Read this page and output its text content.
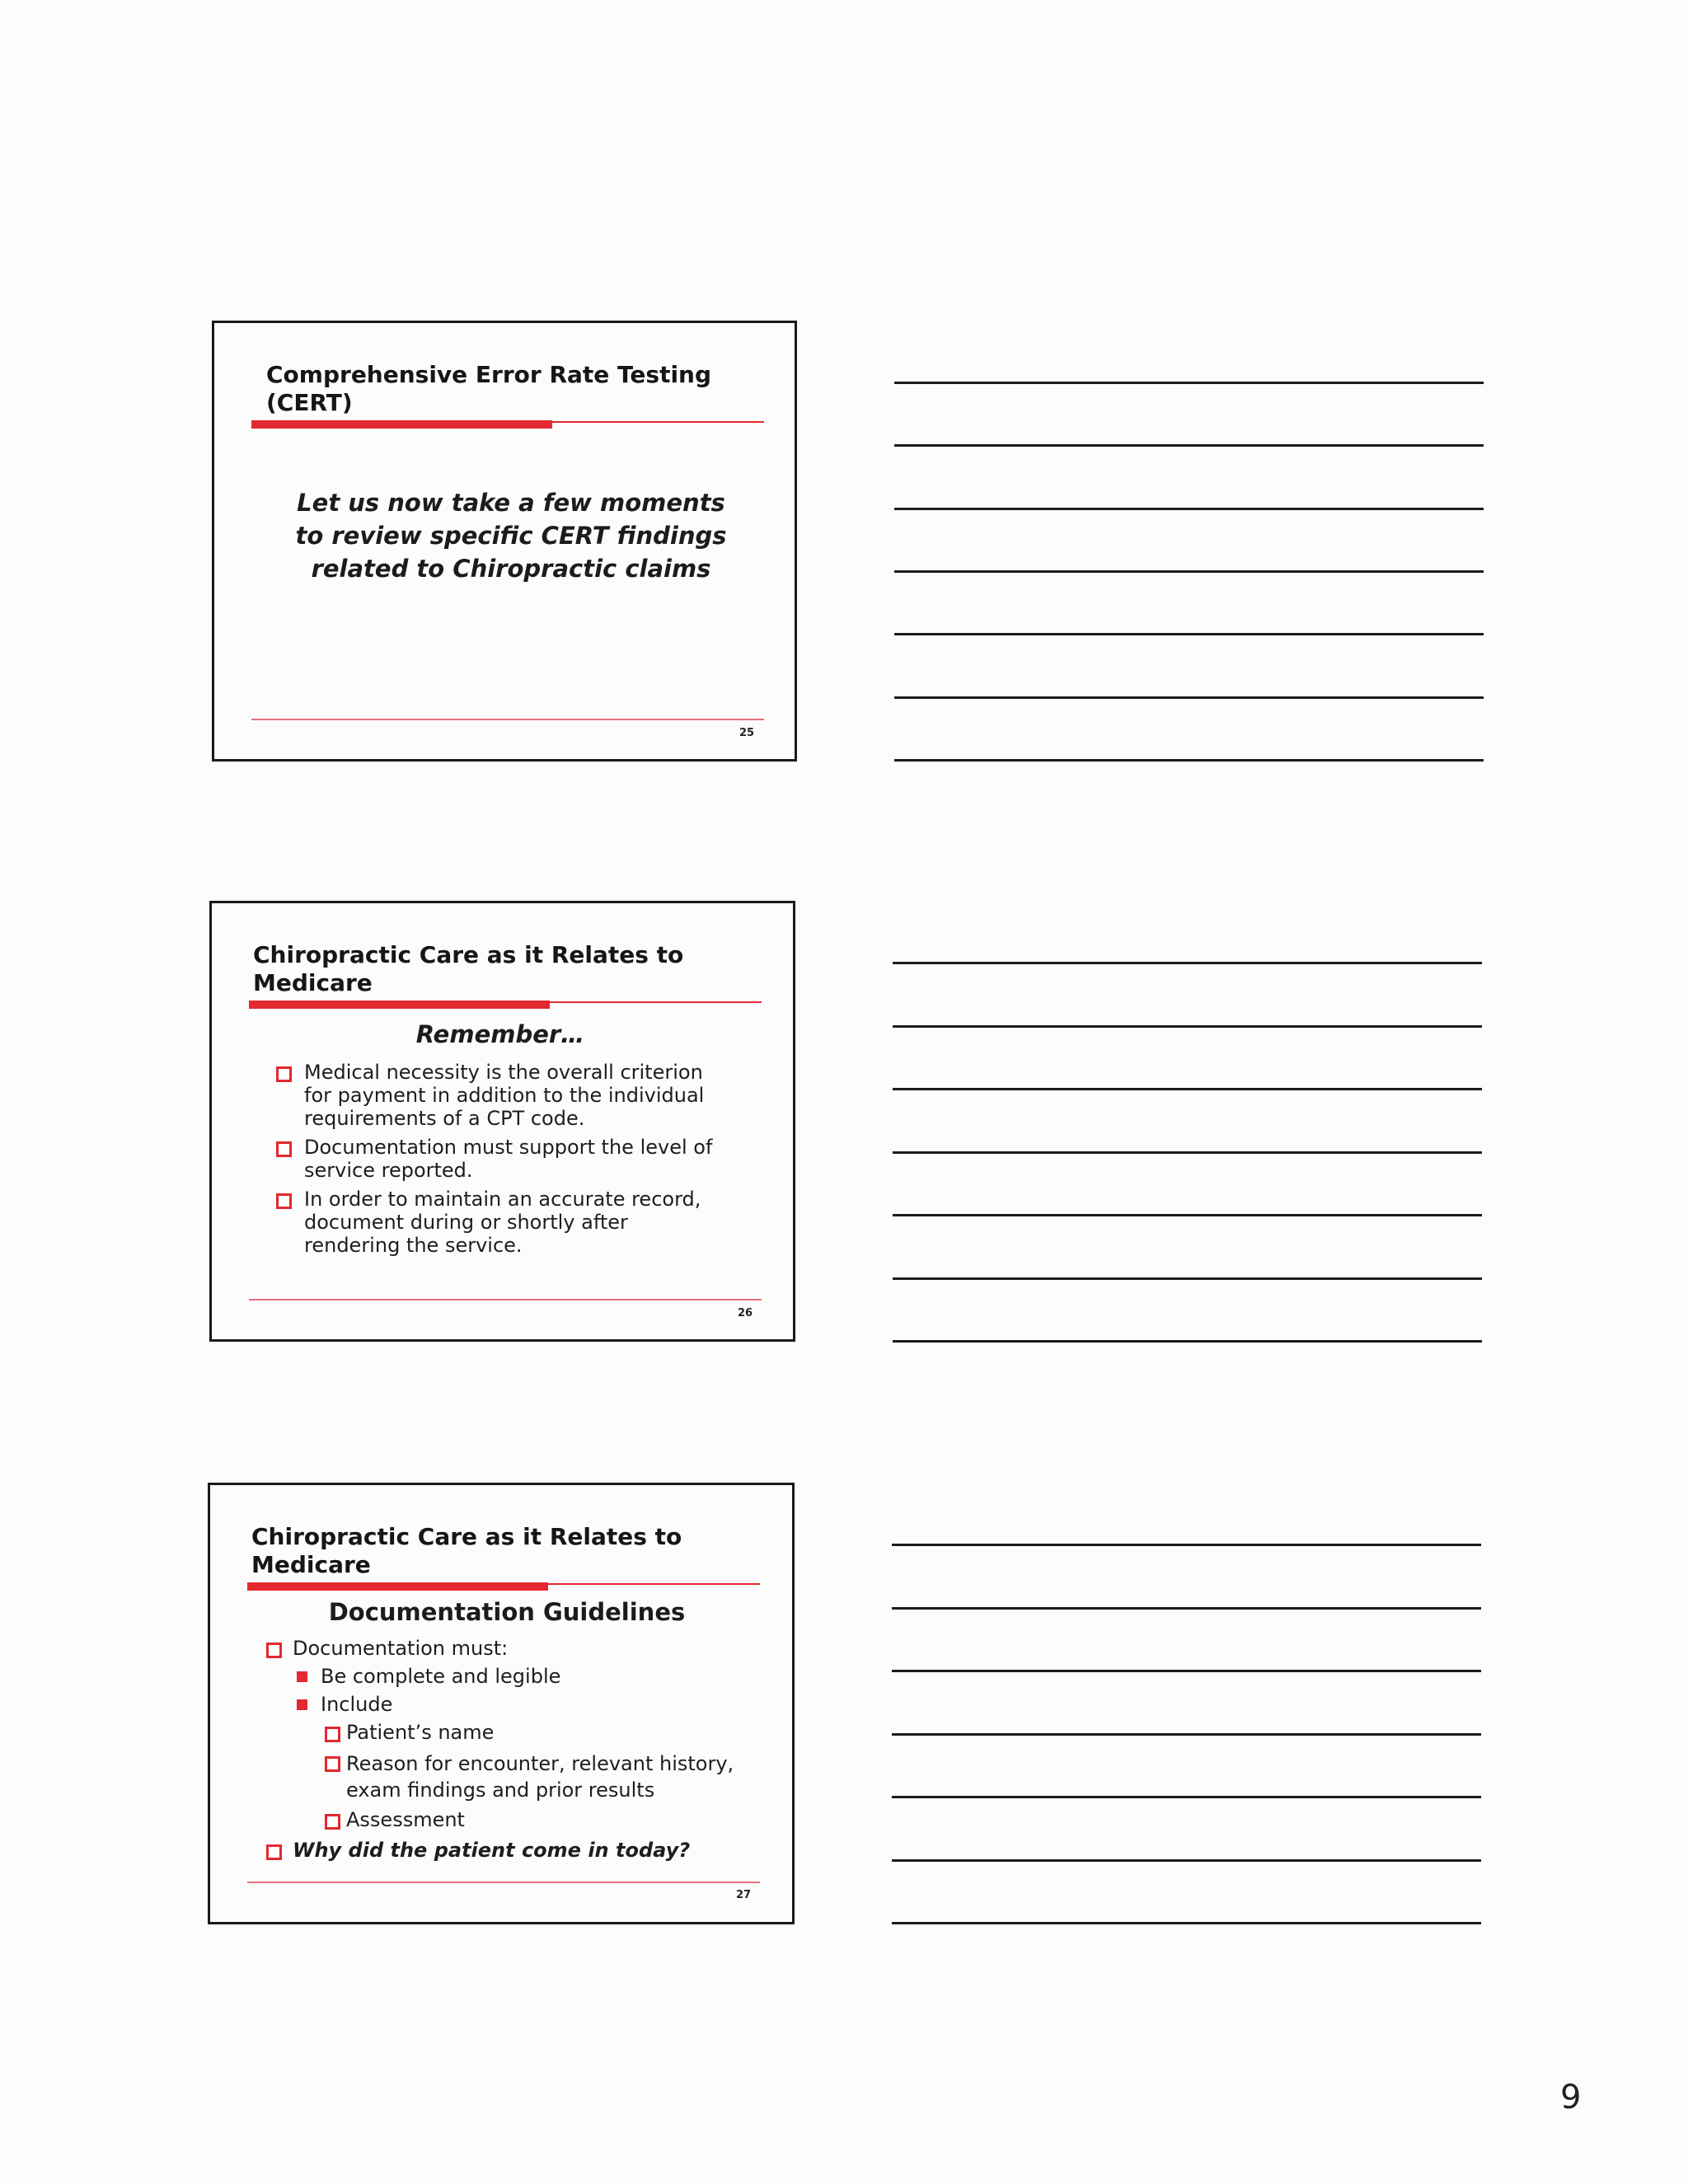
Comprehensive Error Rate Testing
(CERT)
Let us now take a few moments
to review specific CERT findings
related to Chiropractic claims
25
Chiropractic Care as it Relates to
Medicare
Remember…
Medical necessity is the overall criterion
for payment in addition to the individual
requirements of a CPT code.
Documentation must support the level of
service reported.
In order to maintain an accurate record,
document during or shortly after
rendering the service.
26
Chiropractic Care as it Relates to
Medicare
Documentation Guidelines
Documentation must:
Be complete and legible
Include
Patient’s name
Reason for encounter, relevant history,
exam findings and prior results
Assessment
Why did the patient come in today?
27
9
